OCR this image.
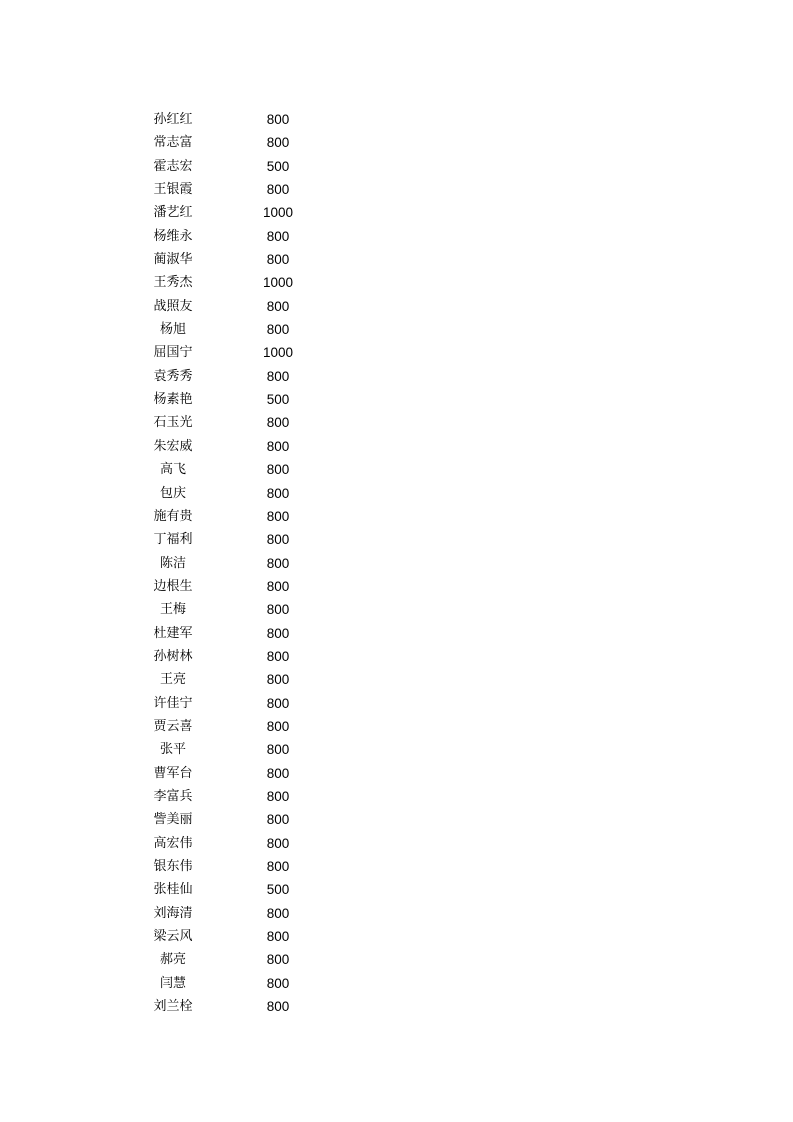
孙红红	800
常志富	800
霍志宏	500
王银霞	800
潘艺红	1000
杨维永	800
蔺淑华	800
王秀杰	1000
战照友	800
杨旭	800
屈国宁	1000
袁秀秀	800
杨素艳	500
石玉光	800
朱宏威	800
高飞	800
包庆	800
施有贵	800
丁福利	800
陈洁	800
边根生	800
王梅	800
杜建军	800
孙树林	800
王亮	800
许佳宁	800
贾云喜	800
张平	800
曹军台	800
李富兵	800
訾美丽	800
高宏伟	800
银东伟	800
张桂仙	500
刘海清	800
梁云风	800
郝亮	800
闫慧	800
刘兰栓	800
